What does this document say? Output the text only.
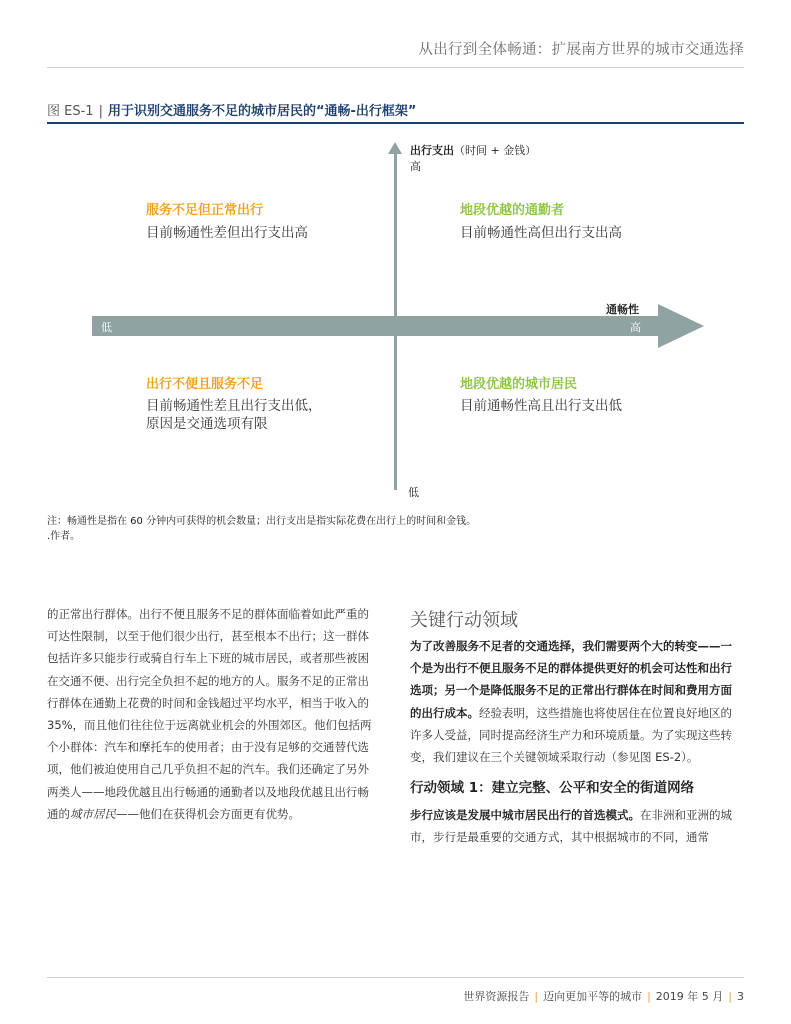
从出行到全体畅通：扩展南方世界的城市交通选择
图 ES-1 | 用于识别交通服务不足的城市居民的“通畅-出行框架”
出行支出（时间 + 金钱）
高
低
通畅性
低	高
服务不足但正常出行
目前畅通性差但出行支出高
地段优越的通勤者
目前畅通性高但出行支出高
出行不便且服务不足
目前畅通性差且出行支出低，
原因是交通选项有限
地段优越的城市居民
目前通畅性高且出行支出低
注：畅通性是指在 60 分钟内可获得的机会数量；出行支出是指实际花费在出行上的时间和金钱。
.作者。

的正常出行群体。出行不便且服务不足的群体面临着如此严重的可达性限制，以至于他们很少出行，甚至根本不出行；这一群体包括许多只能步行或骑自行车上下班的城市居民，或者那些被困在交通不便、出行完全负担不起的地方的人。服务不足的正常出行群体在通勤上花费的时间和金钱超过平均水平，相当于收入的 35%，而且他们往往位于远离就业机会的外围郊区。他们包括两个小群体：汽车和摩托车的使用者；由于没有足够的交通替代选项，他们被迫使用自己几乎负担不起的汽车。我们还确定了另外两类人——地段优越且出行畅通的通勤者以及地段优越且出行畅通的城市居民——他们在获得机会方面更有优势。

关键行动领域

为了改善服务不足者的交通选择，我们需要两个大的转变——一个是为出行不便且服务不足的群体提供更好的机会可达性和出行选项；另一个是降低服务不足的正常出行群体在时间和费用方面的出行成本。经验表明，这些措施也将使居住在位置良好地区的许多人受益，同时提高经济生产力和环境质量。为了实现这些转变，我们建议在三个关键领域采取行动（参见图 ES-2）。

行动领域 1：建立完整、公平和安全的街道网络

步行应该是发展中城市居民出行的首选模式。在非洲和亚洲的城市，步行是最重要的交通方式，其中根据城市的不同，通常

世界资源报告 | 迈向更加平等的城市 | 2019 年 5 月 | 3
